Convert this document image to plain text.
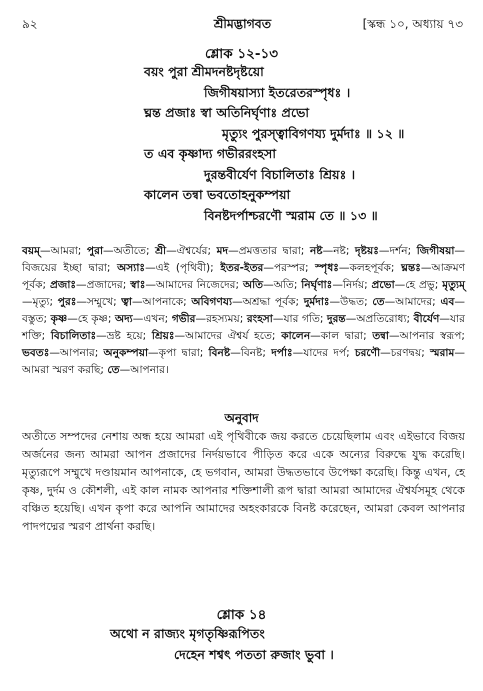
৯২	শ্রীমদ্ভাগবত	[স্কন্ধ ১০, অধ্যায় ৭৩
শ্লোক ১২-১৩
বয়ং পুরা শ্রীমদনষ্টদৃষ্টয়ো
জিগীষয়াস্যা ইতরেতরস্পৃধঃ ।
ঘ্নন্ত প্রজাঃ স্বা অতিনির্ঘৃণাঃ প্রভো
মৃত্যুং পুরস্ত্বাবিগণয্য দুর্মদাঃ ॥ ১২ ॥
ত এব কৃষ্ণাদ্য গভীররংহসা
দুরন্তবীর্যেণ বিচালিতাঃ শ্রিয়ঃ ।
কালেন তন্বা ভবতোহনুকম্পয়া
বিনষ্টদর্পাশ্চরণৌ স্মরাম তে ॥ ১৩ ॥
বয়ম্—আমরা; পুরা—অতীতে; শ্রী—ঐশ্বর্যের; মদ—প্রমত্ততার দ্বারা; নষ্ট—নষ্ট; দৃষ্টয়ঃ—দর্শন; জিগীষয়া—বিজয়ের ইচ্ছা দ্বারা; অস্যাঃ—এই (পৃথিবী); ইতর-ইতর—পরস্পর; স্পৃধঃ—কলহপূর্বক; ঘ্নন্তঃ—আক্রমণ পূর্বক; প্রজাঃ—প্রজাদের; স্বাঃ—আমাদের নিজেদের; অতি—অতি; নির্ঘৃণাঃ—নির্দয়; প্রভো—হে প্রভু; মৃত্যুম্—মৃত্যু; পুরঃ—সম্মুখে; ত্বা—আপনাকে; অবিগণয্য—অশ্রদ্ধা পূর্বক; দুর্মদাঃ—উদ্ধত; তে—আমাদের; এব—বস্তুত; কৃষ্ণ—হে কৃষ্ণ; অদ্য—এখন; গভীর—রহস্যময়; রংহসা—যার গতি; দুরন্ত—অপ্রতিরোধ্য; বীর্যেণ—যার শক্তি; বিচালিতাঃ—ভ্রষ্ট হয়ে; শ্রিয়ঃ—আমাদের ঐশ্বর্য হতে; কালেন—কাল দ্বারা; তন্বা—আপনার স্বরূপ; ভবতঃ—আপনার; অনুকম্পয়া—কৃপা দ্বারা; বিনষ্ট—বিনষ্ট; দর্পাঃ—যাদের দর্প; চরণৌ—চরণদ্বয়; স্মরাম—আমরা স্মরণ করছি; তে—আপনার।
অনুবাদ
অতীতে সম্পদের নেশায় অন্ধ হয়ে আমরা এই পৃথিবীকে জয় করতে চেয়েছিলাম এবং এইভাবে বিজয় অর্জনের জন্য আমরা আপন প্রজাদের নির্দয়ভাবে পীড়িত করে একে অন্যের বিরুদ্ধে যুদ্ধ করেছি। মৃত্যুরূপে সম্মুখে দণ্ডায়মান আপনাকে, হে ভগবান, আমরা উদ্ধতভাবে উপেক্ষা করেছি। কিন্তু এখন, হে কৃষ্ণ, দুর্দম ও কৌশলী, এই কাল নামক আপনার শক্তিশালী রূপ দ্বারা আমরা আমাদের ঐশ্বর্যসমূহ থেকে বঞ্চিত হয়েছি। এখন কৃপা করে আপনি আমাদের অহংকারকে বিনষ্ট করেছেন, আমরা কেবল আপনার পাদপদ্মের স্মরণ প্রার্থনা করছি।
শ্লোক ১৪
অথো ন রাজ্যং মৃগতৃষ্ণিরূপিতং
দেহেন শশ্বৎ পততা রুজাং ভুবা ।
